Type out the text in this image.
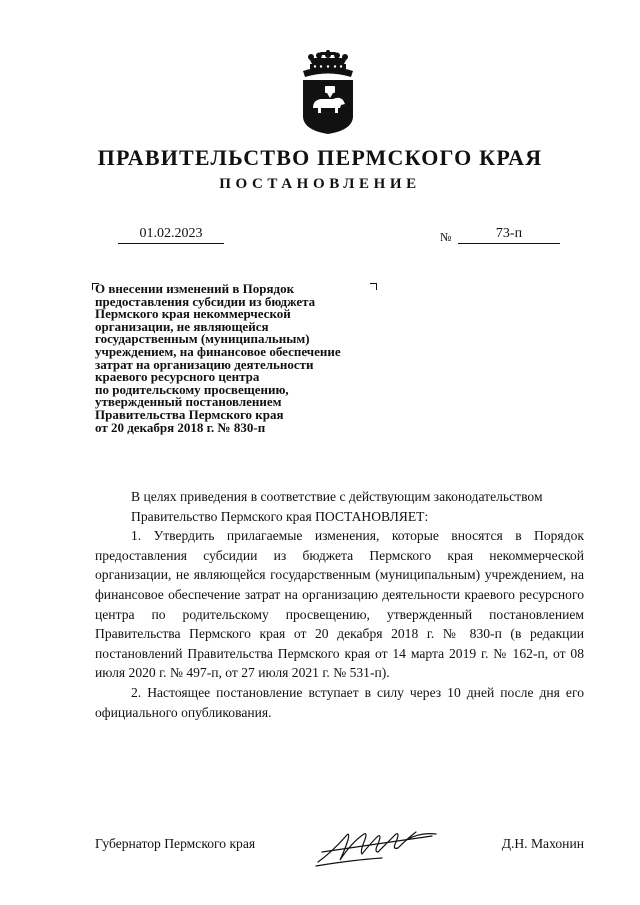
ПРАВИТЕЛЬСТВО ПЕРМСКОГО КРАЯ
ПОСТАНОВЛЕНИЕ
01.02.2023	№	73-п
О внесении изменений в Порядок
предоставления субсидии из бюджета
Пермского края некоммерческой
организации, не являющейся
государственным (муниципальным)
учреждением, на финансовое обеспечение
затрат на организацию деятельности
краевого ресурсного центра
по родительскому просвещению,
утвержденный постановлением
Правительства Пермского края
от 20 декабря 2018 г. № 830-п

В целях приведения в соответствие с действующим законодательством

Правительство Пермского края ПОСТАНОВЛЯЕТ:

1. Утвердить прилагаемые изменения, которые вносятся в Порядок предоставления субсидии из бюджета Пермского края некоммерческой организации, не являющейся государственным (муниципальным) учреждением, на финансовое обеспечение затрат на организацию деятельности краевого ресурсного центра по родительскому просвещению, утвержденный постановлением Правительства Пермского края от 20 декабря 2018 г. № 830-п (в редакции постановлений Правительства Пермского края от 14 марта 2019 г. № 162-п, от 08 июля 2020 г. № 497-п, от 27 июля 2021 г. № 531-п).

2. Настоящее постановление вступает в силу через 10 дней после дня его официального опубликования.

Губернатор Пермского края	Д.Н. Махонин
